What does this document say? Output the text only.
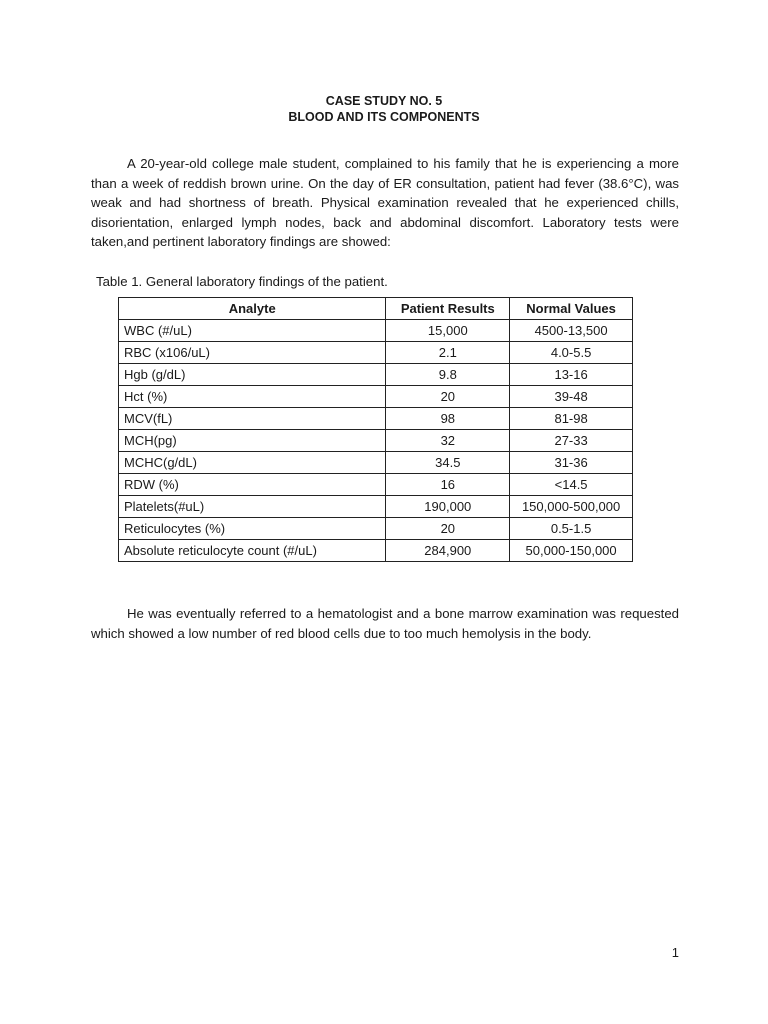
CASE STUDY NO. 5
BLOOD AND ITS COMPONENTS

A 20-year-old college male student, complained to his family that he is experiencing a more than a week of reddish brown urine. On the day of ER consultation, patient had fever (38.6°C), was weak and had shortness of breath. Physical examination revealed that he experienced chills, disorientation, enlarged lymph nodes, back and abdominal discomfort. Laboratory tests were taken,and pertinent laboratory findings are showed:

Table 1. General laboratory findings of the patient.
Analyte	Patient Results	Normal Values
WBC (#/uL)	15,000	4500-13,500
RBC (x106/uL)	2.1	4.0-5.5
Hgb (g/dL)	9.8	13-16
Hct (%)	20	39-48
MCV(fL)	98	81-98
MCH(pg)	32	27-33
MCHC(g/dL)	34.5	31-36
RDW (%)	16	<14.5
Platelets(#uL)	190,000	150,000-500,000
Reticulocytes (%)	20	0.5-1.5
Absolute reticulocyte count (#/uL)	284,900	50,000-150,000

He was eventually referred to a hematologist and a bone marrow examination was requested which showed a low number of red blood cells due to too much hemolysis in the body.

1
